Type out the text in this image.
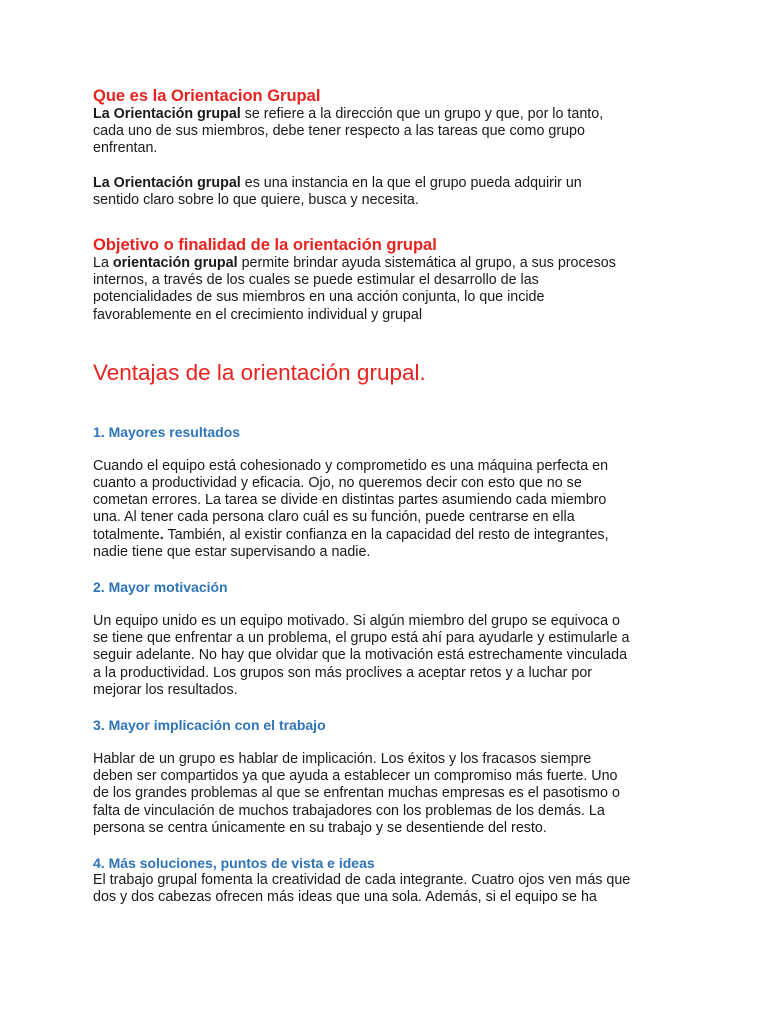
Que es la Orientacion Grupal

La Orientación grupal se refiere a la dirección que un grupo y que, por lo tanto,
cada uno de sus miembros, debe tener respecto a las tareas que como grupo
enfrentan.

La Orientación grupal es una instancia en la que el grupo pueda adquirir un
sentido claro sobre lo que quiere, busca y necesita.

Objetivo o finalidad de la orientación grupal

La orientación grupal permite brindar ayuda sistemática al grupo, a sus procesos
internos, a través de los cuales se puede estimular el desarrollo de las
potencialidades de sus miembros en una acción conjunta, lo que incide
favorablemente en el crecimiento individual y grupal

Ventajas de la orientación grupal.
1. Mayores resultados

Cuando el equipo está cohesionado y comprometido es una máquina perfecta en
cuanto a productividad y eficacia. Ojo, no queremos decir con esto que no se
cometan errores. La tarea se divide en distintas partes asumiendo cada miembro
una. Al tener cada persona claro cuál es su función, puede centrarse en ella
totalmente. También, al existir confianza en la capacidad del resto de integrantes,
nadie tiene que estar supervisando a nadie.

2. Mayor motivación

Un equipo unido es un equipo motivado. Si algún miembro del grupo se equivoca o
se tiene que enfrentar a un problema, el grupo está ahí para ayudarle y estimularle a
seguir adelante. No hay que olvidar que la motivación está estrechamente vinculada
a la productividad. Los grupos son más proclives a aceptar retos y a luchar por
mejorar los resultados.

3. Mayor implicación con el trabajo

Hablar de un grupo es hablar de implicación. Los éxitos y los fracasos siempre
deben ser compartidos ya que ayuda a establecer un compromiso más fuerte. Uno
de los grandes problemas al que se enfrentan muchas empresas es el pasotismo o
falta de vinculación de muchos trabajadores con los problemas de los demás. La
persona se centra únicamente en su trabajo y se desentiende del resto.

4. Más soluciones, puntos de vista e ideas

El trabajo grupal fomenta la creatividad de cada integrante. Cuatro ojos ven más que
dos y dos cabezas ofrecen más ideas que una sola. Además, si el equipo se ha
